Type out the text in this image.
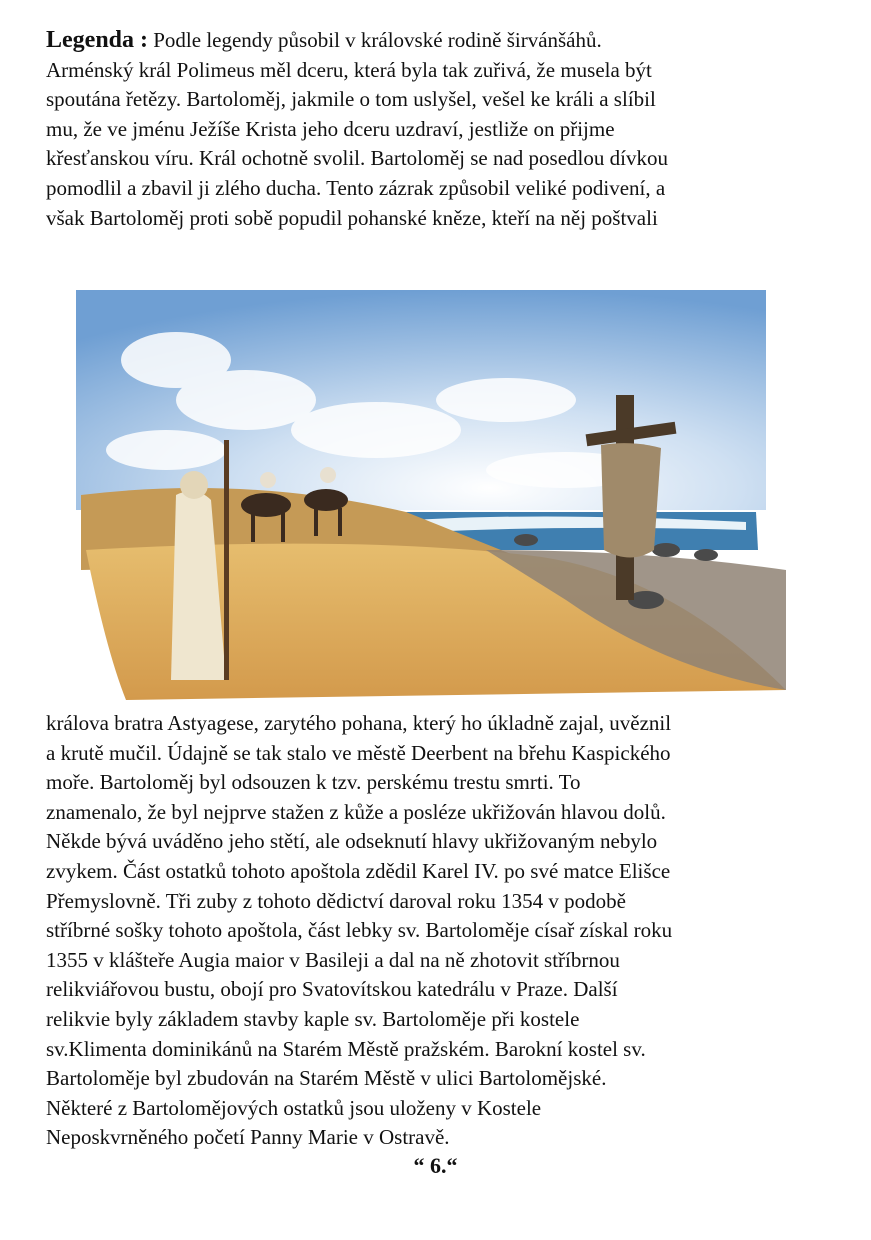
Legenda : Podle legendy působil v královské rodině širvánšáhů.
Arménský král Polimeus měl dceru, která byla tak zuřivá, že musela být
spoutána řetězy. Bartoloměj, jakmile o tom uslyšel, vešel ke králi a slíbil
mu, že ve jménu Ježíše Krista jeho dceru uzdraví, jestliže on přijme
křesťanskou víru. Král ochotně svolil. Bartoloměj se nad posedlou dívkou
pomodlil a zbavil ji zlého ducha. Tento zázrak způsobil veliké podivení, a
však Bartoloměj proti sobě popudil pohanské kněze, kteří na něj poštvali
králova bratra Astyagese, zarytého pohana, který ho úkladně zajal, uvěznil
a krutě mučil. Údajně se tak stalo ve městě Deerbent na břehu Kaspického
moře. Bartoloměj byl odsouzen k tzv. perskému trestu smrti. To
znamenalo, že byl nejprve stažen z kůže a posléze ukřižován hlavou dolů.
Někde bývá uváděno jeho stětí, ale odseknutí hlavy ukřižovaným nebylo
zvykem. Část ostatků tohoto apoštola zdědil Karel IV. po své matce Elišce
Přemyslovně. Tři zuby z tohoto dědictví daroval roku 1354 v podobě
stříbrné sošky tohoto apoštola, část lebky sv. Bartoloměje císař získal roku
1355 v klášteře Augia maior v Basileji a dal na ně zhotovit stříbrnou
relikviářovou bustu, obojí pro Svatovítskou katedrálu v Praze. Další
relikvie byly základem stavby kaple sv. Bartoloměje při kostele
sv.Klimenta dominikánů na Starém Městě pražském. Barokní kostel sv.
Bartoloměje byl zbudován na Starém Městě v ulici Bartolomějské.
Některé z Bartolomějových ostatků jsou uloženy v Kostele
Neposkvrněného početí Panny Marie v Ostravě.
“ 6.“
